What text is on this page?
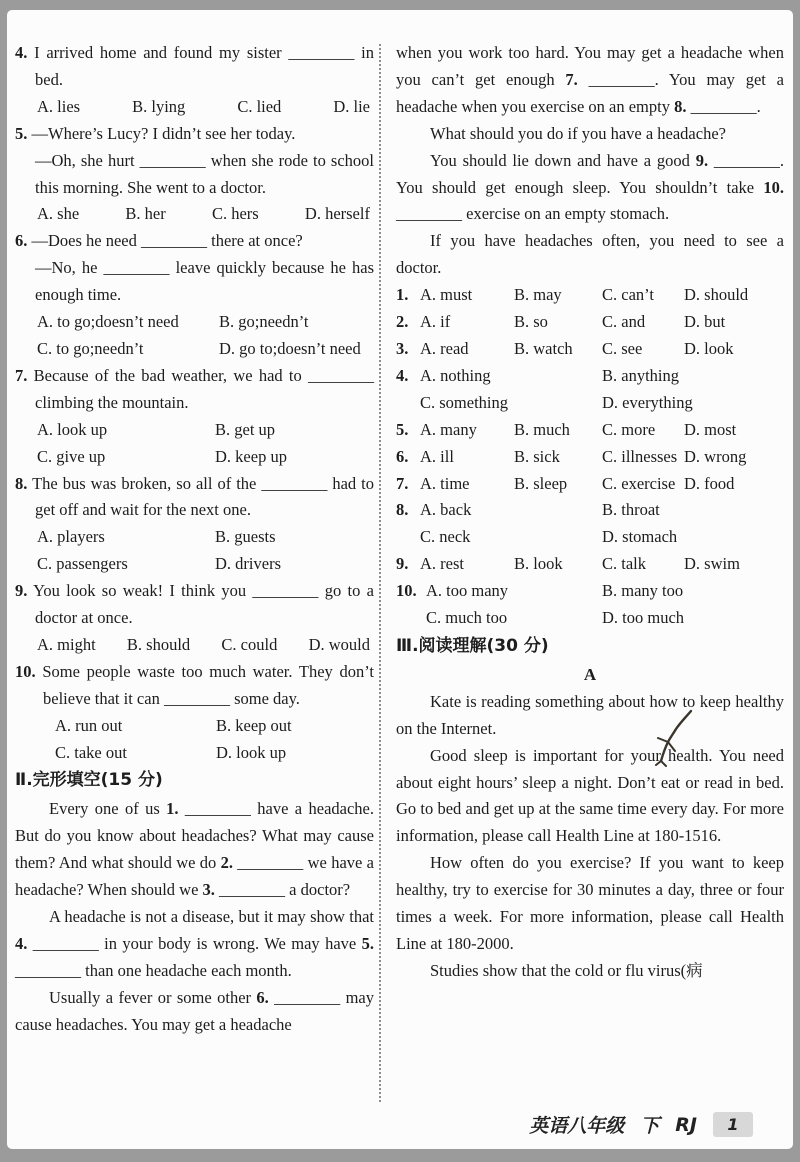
4. I arrived home and found my sister ________ in bed.

A. lies	B. lying	C. lied	D. lie

5. —Where’s Lucy? I didn’t see her today.

—Oh, she hurt ________ when she rode to school this morning. She went to a doctor.

A. she	B. her	C. hers	D. herself

6. —Does he need ________ there at once?

—No, he ________ leave quickly because he has enough time.

A. to go;doesn’t need	B. go;needn’t
C. to go;needn’t	D. go to;doesn’t need

7. Because of the bad weather, we had to ________ climbing the mountain.

A. look up	B. get up
C. give up	D. keep up

8. The bus was broken, so all of the ________ had to get off and wait for the next one.

A. players	B. guests
C. passengers	D. drivers

9. You look so weak! I think you ________ go to a doctor at once.

A. might B. should C. could D. would

10. Some people waste too much water. They don’t believe that it can ________ some day.

A. run out	B. keep out
C. take out	D. look up
Ⅱ.完形填空(15 分)

Every one of us 1. ________ have a headache. But do you know about headaches? What may cause them? And what should we do 2. ________ we have a headache? When should we 3. ________ a doctor?

A headache is not a disease, but it may show that 4. ________ in your body is wrong. We may have 5. ________ than one headache each month.

Usually a fever or some other 6. ________ may cause headaches. You may get a headache

when you work too hard. You may get a headache when you can’t get enough 7. ________. You may get a headache when you exercise on an empty 8. ________.

What should you do if you have a headache?

You should lie down and have a good 9. ________. You should get enough sleep. You shouldn’t take 10. ________ exercise on an empty stomach.

If you have headaches often, you need to see a doctor.

1. A. must	B. may	C. can’t	D. should
2. A. if	B. so	C. and	D. but
3. A. read	B. watch	C. see	D. look
4. A. nothing	B. anything
C. something	D. everything
5. A. many	B. much	C. more	D. most
6. A. ill	B. sick	C. illnesses D. wrong
7. A. time	B. sleep	C. exercise D. food
8. A. back	B. throat
C. neck	D. stomach
9. A. rest	B. look	C. talk	D. swim
10. A. too many	B. many too
C. much too	D. too much
Ⅲ.阅读理解(30 分)

A

Kate is reading something about how to keep healthy on the Internet.

Good sleep is important for your health. You need about eight hours’ sleep a night. Don’t eat or read in bed. Go to bed and get up at the same time every day. For more information, please call Health Line at 180-1516.

How often do you exercise? If you want to keep healthy, try to exercise for 30 minutes a day, three or four times a week. For more information, please call Health Line at 180-2000.

Studies show that the cold or flu virus(病

英语八年级 下 RJ	1
